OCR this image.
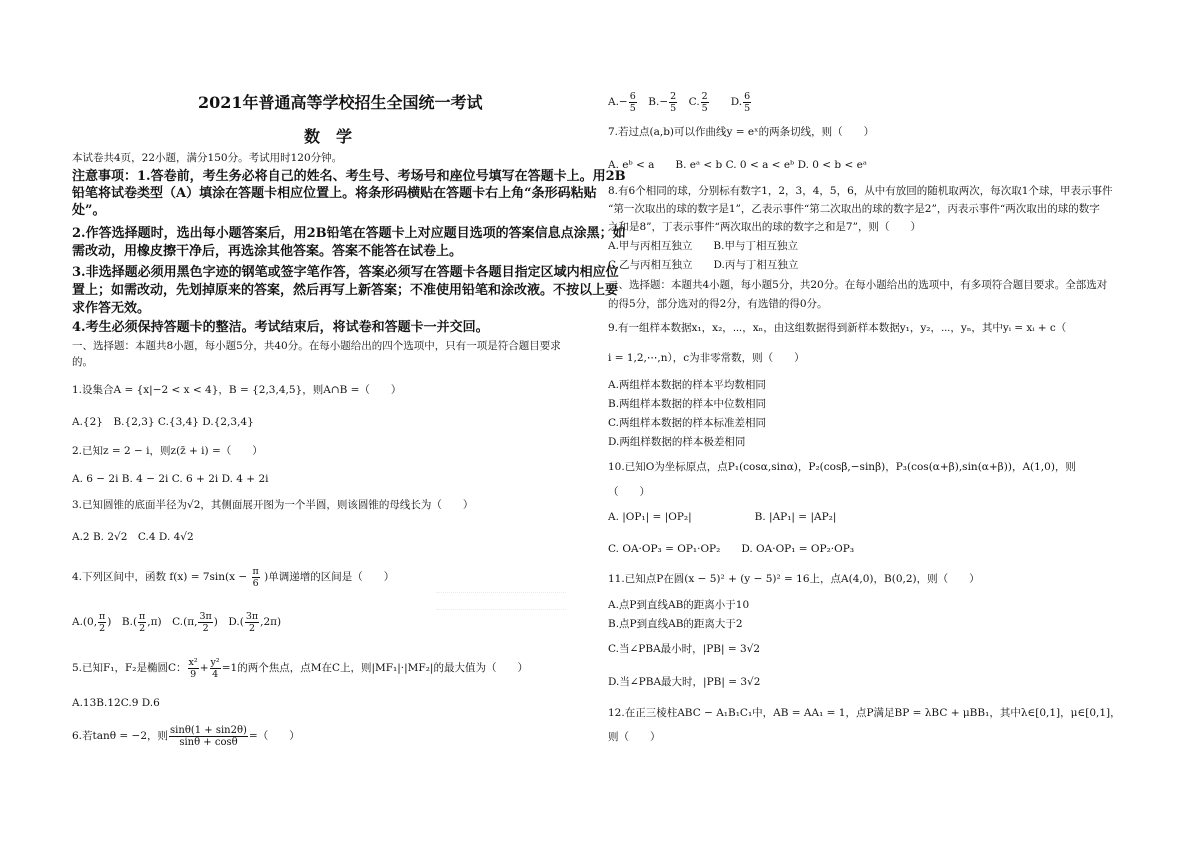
2021年普通高等学校招生全国统一考试
数　学
本试卷共4页，22小题，满分150分。考试用时120分钟。
注意事项：1.答卷前，考生务必将自己的姓名、考生号、考场号和座位号填写在答题卡上。用2B
铅笔将试卷类型（A）填涂在答题卡相应位置上。将条形码横贴在答题卡右上角“条形码粘贴
处”。
2.作答选择题时，选出每小题答案后，用2B铅笔在答题卡上对应题目选项的答案信息点涂黑；如
需改动，用橡皮擦干净后，再选涂其他答案。答案不能答在试卷上。
3.非选择题必须用黑色字迹的钢笔或签字笔作答，答案必须写在答题卡各题目指定区域内相应位
置上；如需改动，先划掉原来的答案，然后再写上新答案；不准使用铅笔和涂改液。不按以上要
求作答无效。
4.考生必须保持答题卡的整洁。考试结束后，将试卷和答题卡一并交回。
一、选择题：本题共8小题，每小题5分，共40分。在每小题给出的四个选项中，只有一项是符合题目要求
的。
1.设集合A = {x|−2 < x < 4}，B = {2,3,4,5}，则A∩B =（　　）
A.{2}　B.{2,3} C.{3,4} D.{2,3,4}
2.已知z = 2 − i，则z(z̄ + i) =（　　）
A. 6 − 2i B. 4 − 2i C. 6 + 2i D. 4 + 2i
3.已知圆锥的底面半径为√2，其侧面展开图为一个半圆，则该圆锥的母线长为（　　）
A.2 B. 2√2　C.4 D. 4√2
4.下列区间中，函数 $f(x) = 7\sin(x - \frac{\pi}{6}$ )单调递增的区间是（　　）
A.(0, $\frac{\pi}{2}$ )　$B.( \frac{\pi}{2} ,\pi)$　C.(π, $\frac{3\pi}{2}$ )　$D.( \frac{3\pi}{2} ,2\pi)$
5.已知F₁，F₂是椭圆C： $\frac{\text{x²}}{9} + \frac{\text{y²}}{4} =1$的两个焦点，点M在C上，则|MF₁|·|MF₂|的最大值为（　　）
A.13B.12C.9 D.6
6.若tanθ = −2，则 $\frac{\sin\theta(1 + \sin 2\theta)}{\sin\theta + \cos\theta}$ =（　　）
$A.- \frac{6}{5}$ 　$B.- \frac{2}{5}$ 　C. $\frac{2}{5}$ 　　D. $\frac{6}{5}$
7.若过点(a,b)可以作曲线y = eˣ的两条切线，则（　　）
A. eᵇ < a　　B. eᵃ < b C. 0 < a < eᵇ D. 0 < b < eᵃ
8.有6个相同的球，分别标有数字1，2，3，4，5，6，从中有放回的随机取两次，每次取1个球，甲表示事件
“第一次取出的球的数字是1”，乙表示事件“第二次取出的球的数字是2”，丙表示事件“两次取出的球的数字
之和是8”，丁表示事件“两次取出的球的数字之和是7”，则（　　）
A.甲与丙相互独立　　B.甲与丁相互独立
C.乙与丙相互独立　　D.丙与丁相互独立
二、选择题：本题共4小题，每小题5分，共20分。在每小题给出的选项中，有多项符合题目要求。全部选对
的得5分，部分选对的得2分，有选错的得0分。
9.有一组样本数据x₁，x₂，⋯，xₙ，由这组数据得到新样本数据y₁，y₂，⋯，yₙ，其中yᵢ = xᵢ + c（
i = 1,2,⋯,n），c为非零常数，则（　　）
A.两组样本数据的样本平均数相同
B.两组样本数据的样本中位数相同
C.两组样本数据的样本标准差相同
D.两组样数据的样本极差相同
10.已知O为坐标原点，点P₁(cosα,sinα)，P₂(cosβ,−sinβ)，P₃(cos(α+β),sin(α+β))，A(1,0)，则
（　　）
A. |OP₁| = |OP₂|　　　　　　B. |AP₁| = |AP₂|
C. OA·OP₃ = OP₁·OP₂　　D. OA·OP₁ = OP₂·OP₃
11.已知点P在圆(x − 5)² + (y − 5)² = 16上，点A(4,0)，B(0,2)，则（　　）
A.点P到直线AB的距离小于10
B.点P到直线AB的距离大于2
C.当∠PBA最小时，|PB| = 3√2
D.当∠PBA最大时，|PB| = 3√2
12.在正三棱柱ABC − A₁B₁C₁中，AB = AA₁ = 1，点P满足BP = λBC + μBB₁，其中λ∈[0,1]，μ∈[0,1]，
则（　　）
